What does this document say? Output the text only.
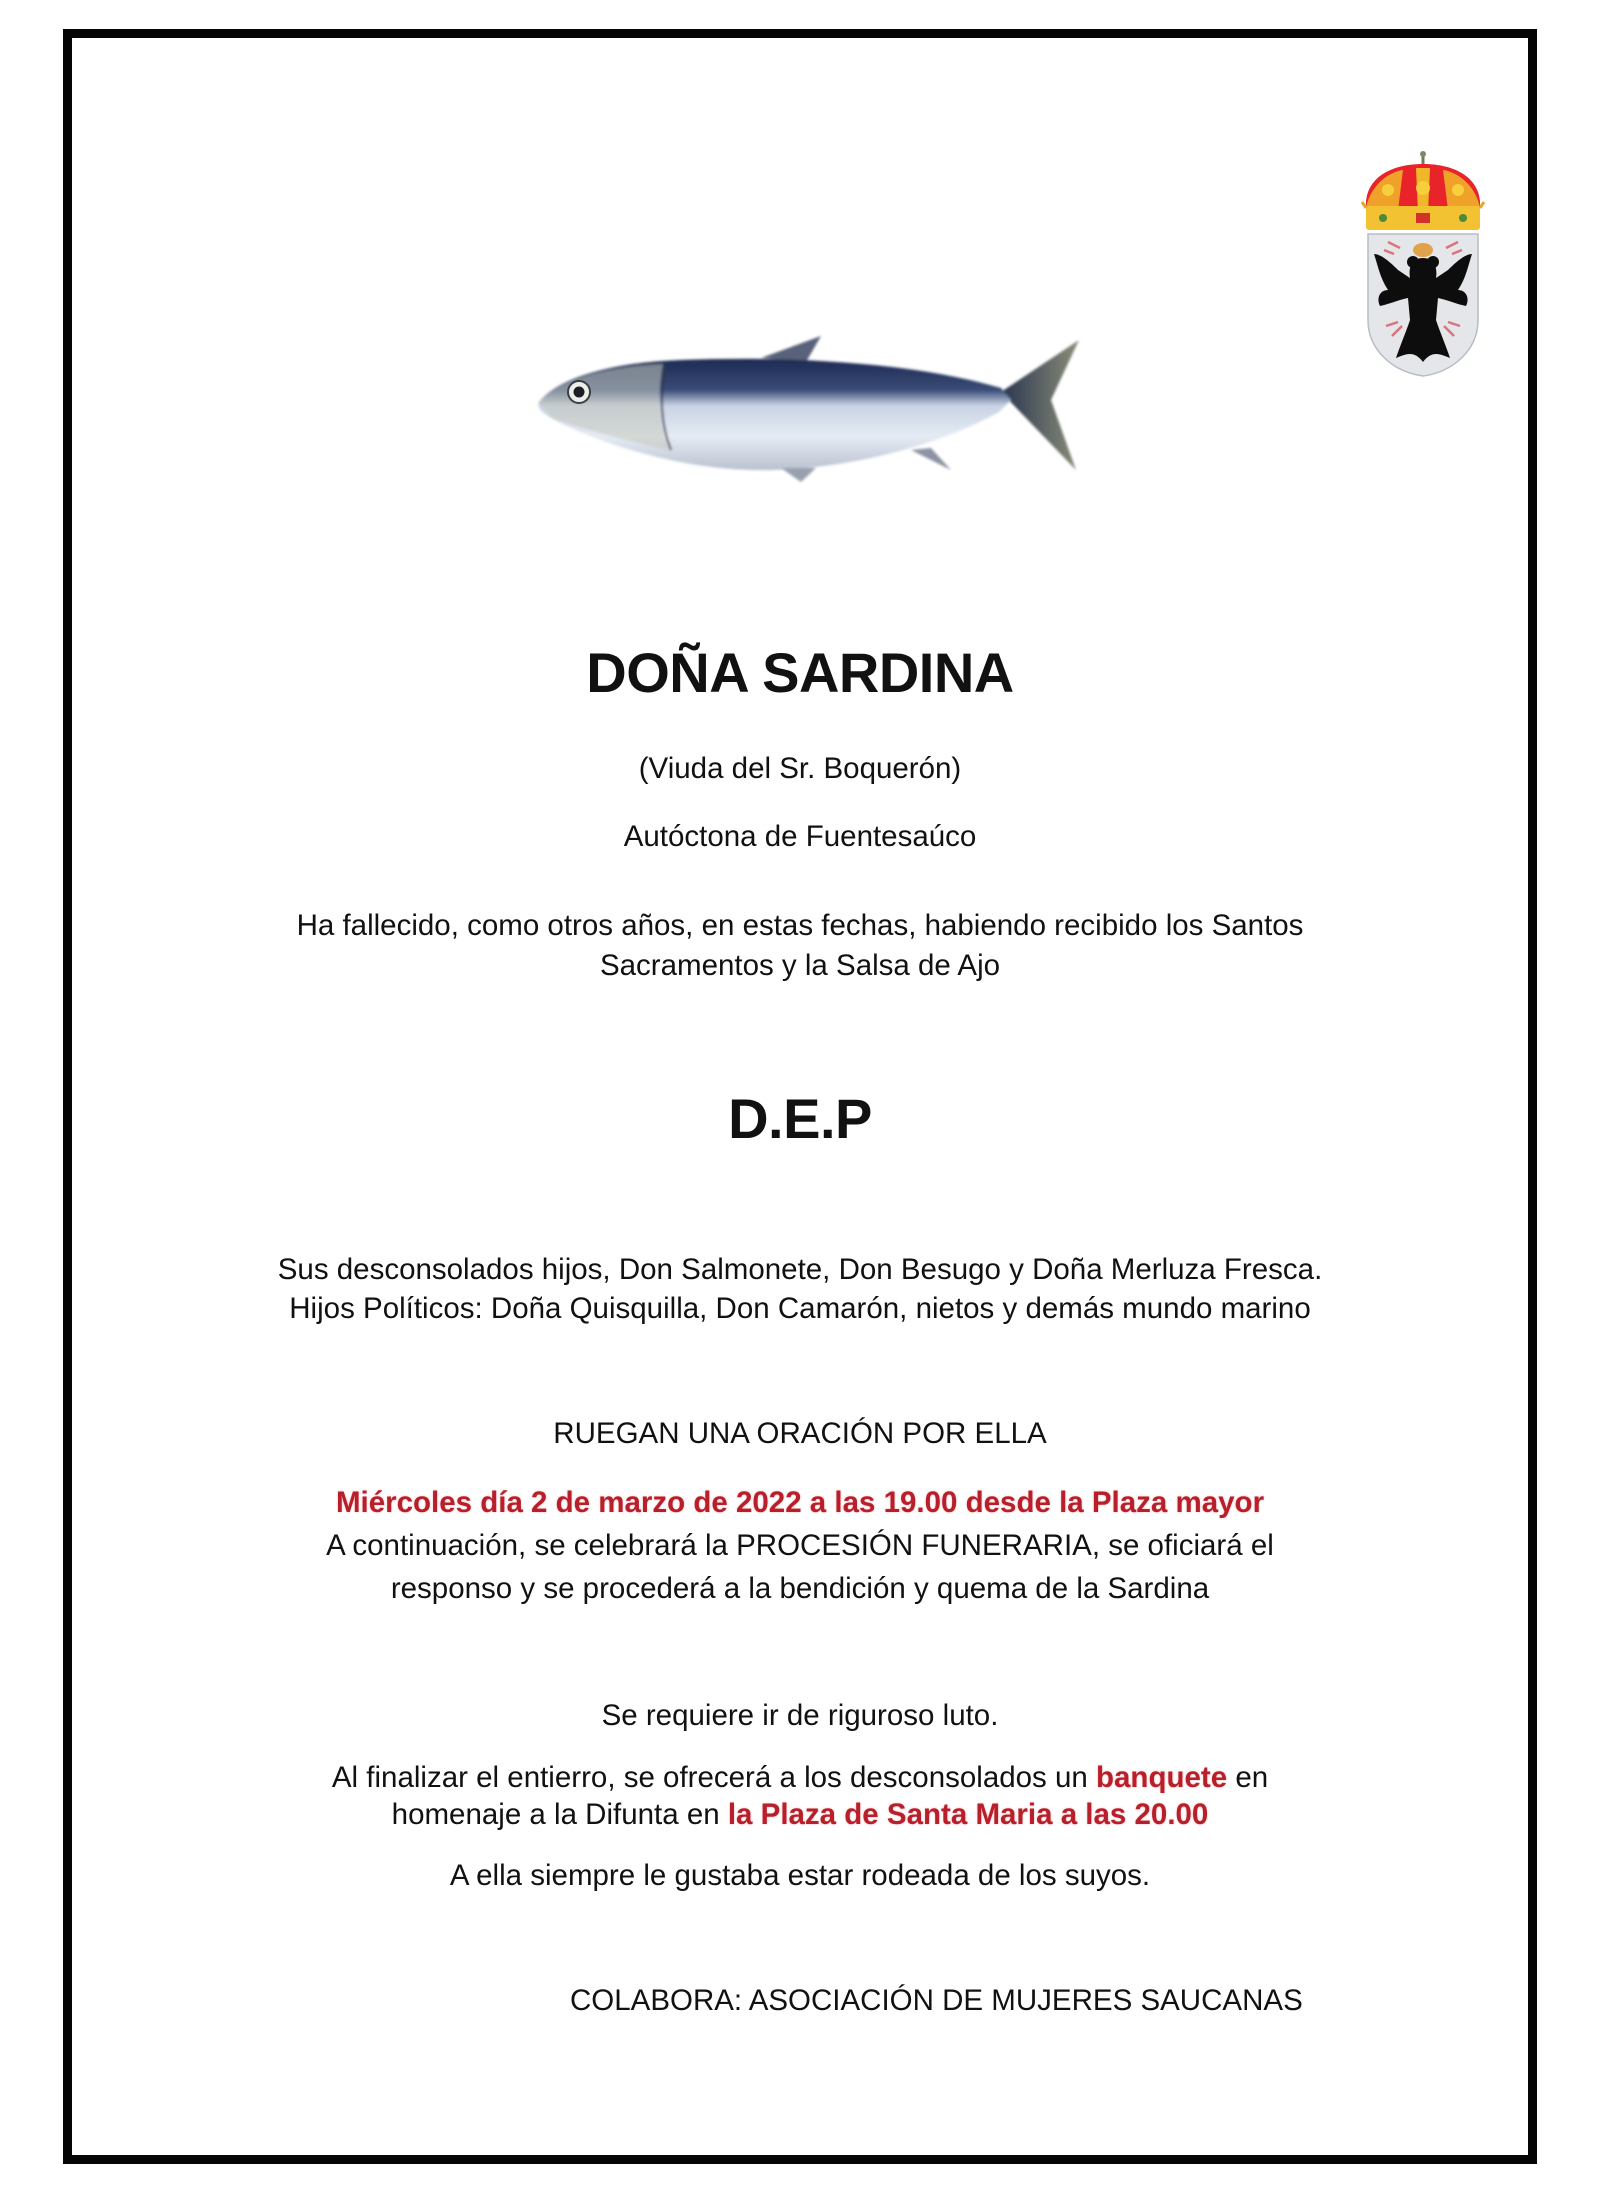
DOÑA SARDINA
(Viuda del Sr. Boquerón)
Autóctona de Fuentesaúco
Ha fallecido, como otros años, en estas fechas, habiendo recibido los Santos
Sacramentos y la Salsa de Ajo
D.E.P
Sus desconsolados hijos, Don Salmonete, Don Besugo y Doña Merluza Fresca.
Hijos Políticos: Doña Quisquilla, Don Camarón, nietos y demás mundo marino
RUEGAN UNA ORACIÓN POR ELLA
Miércoles día 2 de marzo de 2022 a las 19.00 desde la Plaza mayor
A continuación, se celebrará la PROCESIÓN FUNERARIA, se oficiará el
responso y se procederá a la bendición y quema de la Sardina
Se requiere ir de riguroso luto.
Al finalizar el entierro, se ofrecerá a los desconsolados un banquete en
homenaje a la Difunta en la Plaza de Santa Maria a las 20.00
A ella siempre le gustaba estar rodeada de los suyos.
COLABORA: ASOCIACIÓN DE MUJERES SAUCANAS
